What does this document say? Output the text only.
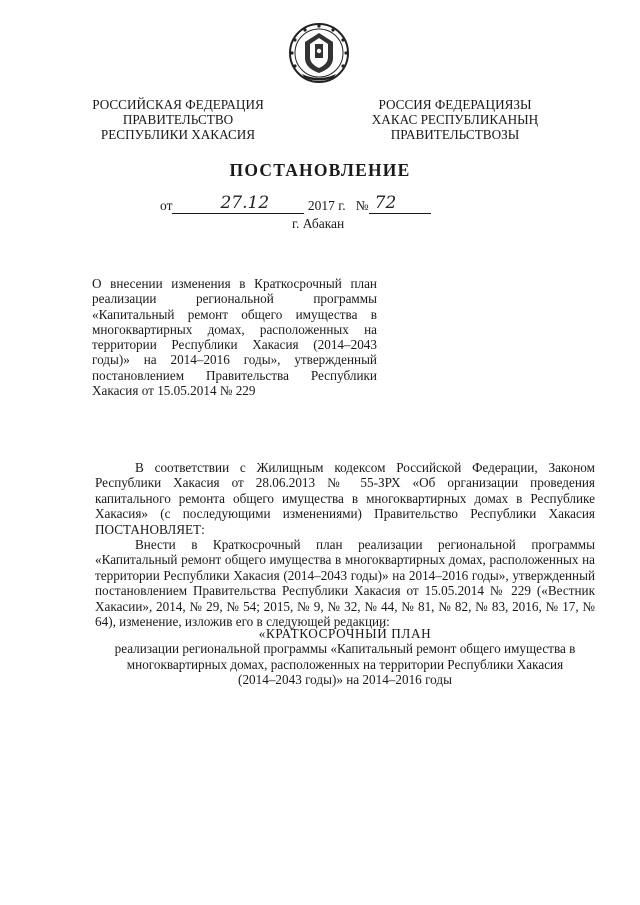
РОССИЙСКАЯ ФЕДЕРАЦИЯ
ПРАВИТЕЛЬСТВО
РЕСПУБЛИКИ ХАКАСИЯ
РОССИЯ ФЕДЕРАЦИЯЗЫ
ХАКАС РЕСПУБЛИКАНЫҢ
ПРАВИТЕЛЬСТВОЗЫ
ПОСТАНОВЛЕНИЕ
от	27.12	2017 г. № 72
г. Абакан
О внесении изменения в Краткосрочный план реализации региональной программы «Капитальный ремонт общего имущества в многоквартирных домах, расположенных на территории Республики Хакасия (2014–2043 годы)» на 2014–2016 годы», утвержденный постановлением Правительства Республики Хакасия от 15.05.2014 № 229

В соответствии с Жилищным кодексом Российской Федерации, Законом Республики Хакасия от 28.06.2013 № 55-ЗРХ «Об организации проведения капитального ремонта общего имущества в многоквартирных домах в Республике Хакасия» (с последующими изменениями) Правительство Республики Хакасия ПОСТАНОВЛЯЕТ:

Внести в Краткосрочный план реализации региональной программы «Капитальный ремонт общего имущества в многоквартирных домах, расположенных на территории Республики Хакасия (2014–2043 годы)» на 2014–2016 годы», утвержденный постановлением Правительства Республики Хакасия от 15.05.2014 № 229 («Вестник Хакасии», 2014, № 29, № 54; 2015, № 9, № 32, № 44, № 81, № 82, № 83, 2016, № 17, № 64), изменение, изложив его в следующей редакции:

«КРАТКОСРОЧНЫЙ ПЛАН
реализации региональной программы «Капитальный ремонт общего имущества в
многоквартирных домах, расположенных на территории Республики Хакасия
(2014–2043 годы)» на 2014–2016 годы
